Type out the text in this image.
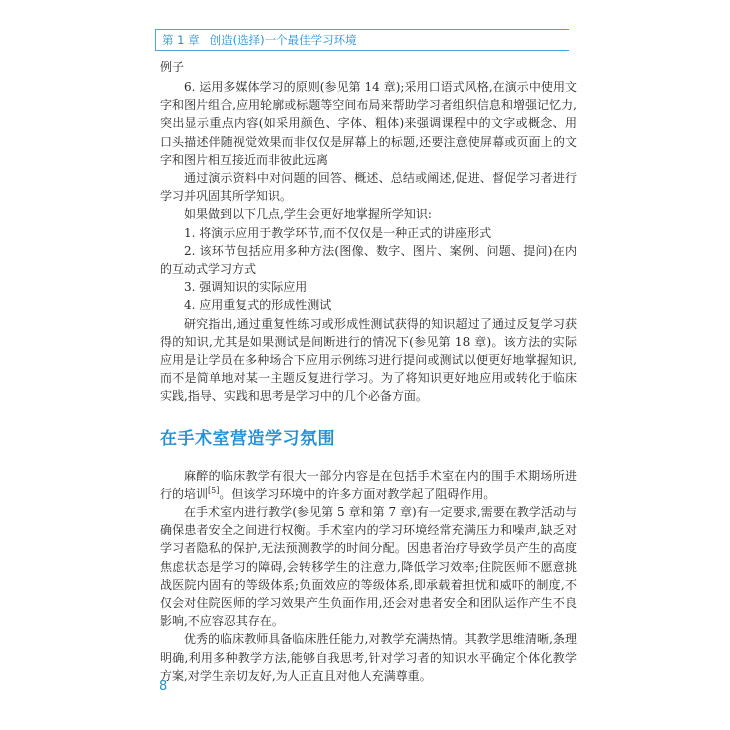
第 1 章 创造(选择)一个最佳学习环境
例子

6. 运用多媒体学习的原则(参见第 14 章);采用口语式风格,在演示中使用文字和图片组合,应用轮廓或标题等空间布局来帮助学习者组织信息和增强记忆力,突出显示重点内容(如采用颜色、字体、粗体)来强调课程中的文字或概念、用口头描述伴随视觉效果而非仅仅是屏幕上的标题,还要注意使屏幕或页面上的文字和图片相互接近而非彼此远离

通过演示资料中对问题的回答、概述、总结或阐述,促进、督促学习者进行学习并巩固其所学知识。

如果做到以下几点,学生会更好地掌握所学知识:

1. 将演示应用于教学环节,而不仅仅是一种正式的讲座形式

2. 该环节包括应用多种方法(图像、数字、图片、案例、问题、提问)在内的互动式学习方式

3. 强调知识的实际应用

4. 应用重复式的形成性测试

研究指出,通过重复性练习或形成性测试获得的知识超过了通过反复学习获得的知识,尤其是如果测试是间断进行的情况下(参见第 18 章)。该方法的实际应用是让学员在多种场合下应用示例练习进行提问或测试以便更好地掌握知识,而不是简单地对某一主题反复进行学习。为了将知识更好地应用或转化于临床实践,指导、实践和思考是学习中的几个必备方面。

在手术室营造学习氛围

麻醉的临床教学有很大一部分内容是在包括手术室在内的围手术期场所进行的培训[5]。但该学习环境中的许多方面对教学起了阻碍作用。

在手术室内进行教学(参见第 5 章和第 7 章)有一定要求,需要在教学活动与确保患者安全之间进行权衡。手术室内的学习环境经常充满压力和噪声,缺乏对学习者隐私的保护,无法预测教学的时间分配。因患者治疗导致学员产生的高度焦虑状态是学习的障碍,会转移学生的注意力,降低学习效率;住院医师不愿意挑战医院内固有的等级体系;负面效应的等级体系,即承载着担忧和威吓的制度,不仅会对住院医师的学习效果产生负面作用,还会对患者安全和团队运作产生不良影响,不应容忍其存在。

优秀的临床教师具备临床胜任能力,对教学充满热情。其教学思维清晰,条理明确,利用多种教学方法,能够自我思考,针对学习者的知识水平确定个体化教学方案,对学生亲切友好,为人正直且对他人充满尊重。

8
